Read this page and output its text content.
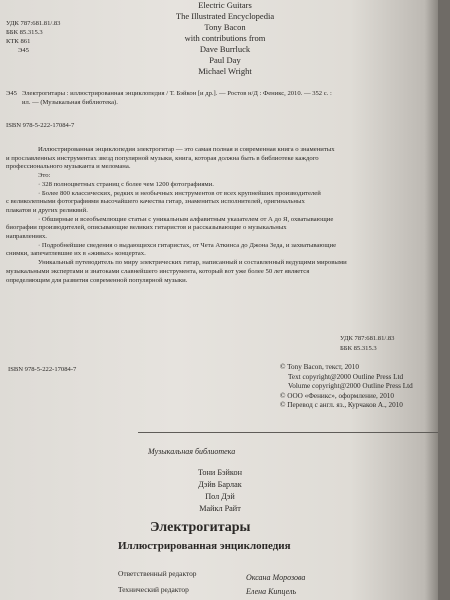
УДК 787:681.81/.83
ББК 85.315.3
КТК 861
Э45
Electric Guitars
The Illustrated Encyclopedia
Tony Bacon
with contributions from
Dave Burrluck
Paul Day
Michael Wright
Э45 Электрогитары : иллюстрированная энциклопедия / Т. Бэйкон [и др.]. — Ростов н/Д : Феникс, 2010. — 352 с. :
ил. — (Музыкальная библиотека).
ISBN 978-5-222-17084-7

Иллюстрированная энциклопедия электрогитар — это самая полная и современная книга о знаменитых

и прославленных инструментах звезд популярной музыки, книга, которая должна быть в библиотеке каждого

профессионального музыканта и меломана.

Это:

· 328 полноцветных страниц с более чем 1200 фотографиями.

· Более 800 классических, редких и необычных инструментов от всех крупнейших производителей

с великолепными фотографиями высочайшего качества гитар, знаменитых исполнителей, оригинальных

плакатов и других реликвий.

· Обширные и всеобъемлющие статьи с уникальным алфавитным указателем от А до Я, охватывающие

биографии производителей, описывающие великих гитаристов и рассказывающие о музыкальных

направлениях.

· Подробнейшие сведения о выдающихся гитаристах, от Чета Аткинса до Джона Зеда, и захватывающие

снимки, запечатлевшие их в «живых» концертах.

Уникальный путеводитель по миру электрических гитар, написанный и составленный ведущими мировыми

музыкальными экспертами и знатоками славнейшего инструмента, который вот уже более 50 лет является

определяющим для развития современной популярной музыки.

УДК 787:681.81/.83
ББК 85.315.3
ISBN 978-5-222-17084-7	© Tony Bacon, текст, 2010
Text copyright@2000 Outline Press Ltd
Volume copyright@2000 Outline Press Ltd
© ООО «Феникс», оформление, 2010
© Перевод с англ. яз., Курчаков А., 2010
Музыкальная библиотека
Тони Бэйкон
Дэйв Барлак
Пол Дэй
Майкл Райт
Электрогитары
Иллюстрированная энциклопедия
Ответственный редактор	Оксана Морозова
Технический редактор	Елена Кипцель
